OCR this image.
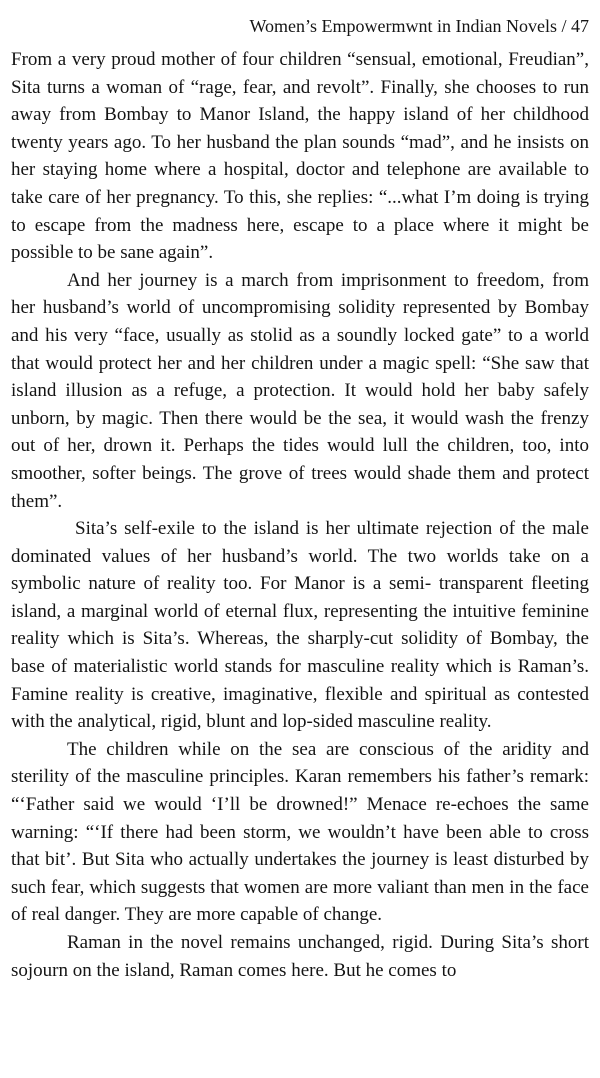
Women’s Empowermwnt in Indian Novels / 47

From a very proud mother of four children “sensual, emotional, Freudian”, Sita turns a woman of “rage, fear, and revolt”. Finally, she chooses to run away from Bombay to Manor Island, the happy island of her childhood twenty years ago. To her husband the plan sounds “mad”, and he insists on her staying home where a hospital, doctor and telephone are available to take care of her pregnancy. To this, she replies: “...what I’m doing is trying to escape from the madness here, escape to a place where it might be possible to be sane again”.

And her journey is a march from imprisonment to freedom, from her husband’s world of uncompromising solidity represented by Bombay and his very “face, usually as stolid as a soundly locked gate” to a world that would protect her and her children under a magic spell: “She saw that island illusion as a refuge, a protection. It would hold her baby safely unborn, by magic. Then there would be the sea, it would wash the frenzy out of her, drown it. Perhaps the tides would lull the children, too, into smoother, softer beings. The grove of trees would shade them and protect them”.

Sita’s self-exile to the island is her ultimate rejection of the male dominated values of her husband’s world. The two worlds take on a symbolic nature of reality too. For Manor is a semi- transparent fleeting island, a marginal world of eternal flux, representing the intuitive feminine reality which is Sita’s. Whereas, the sharply-cut solidity of Bombay, the base of materialistic world stands for masculine reality which is Raman’s. Famine reality is creative, imaginative, flexible and spiritual as contested with the analytical, rigid, blunt and lop-sided masculine reality.

The children while on the sea are conscious of the aridity and sterility of the masculine principles. Karan remembers his father’s remark: “‘Father said we would ‘I’ll be drowned!” Menace re-echoes the same warning: “‘If there had been storm, we wouldn’t have been able to cross that bit’. But Sita who actually undertakes the journey is least disturbed by such fear, which suggests that women are more valiant than men in the face of real danger. They are more capable of change.

Raman in the novel remains unchanged, rigid. During Sita’s short sojourn on the island, Raman comes here. But he comes to
